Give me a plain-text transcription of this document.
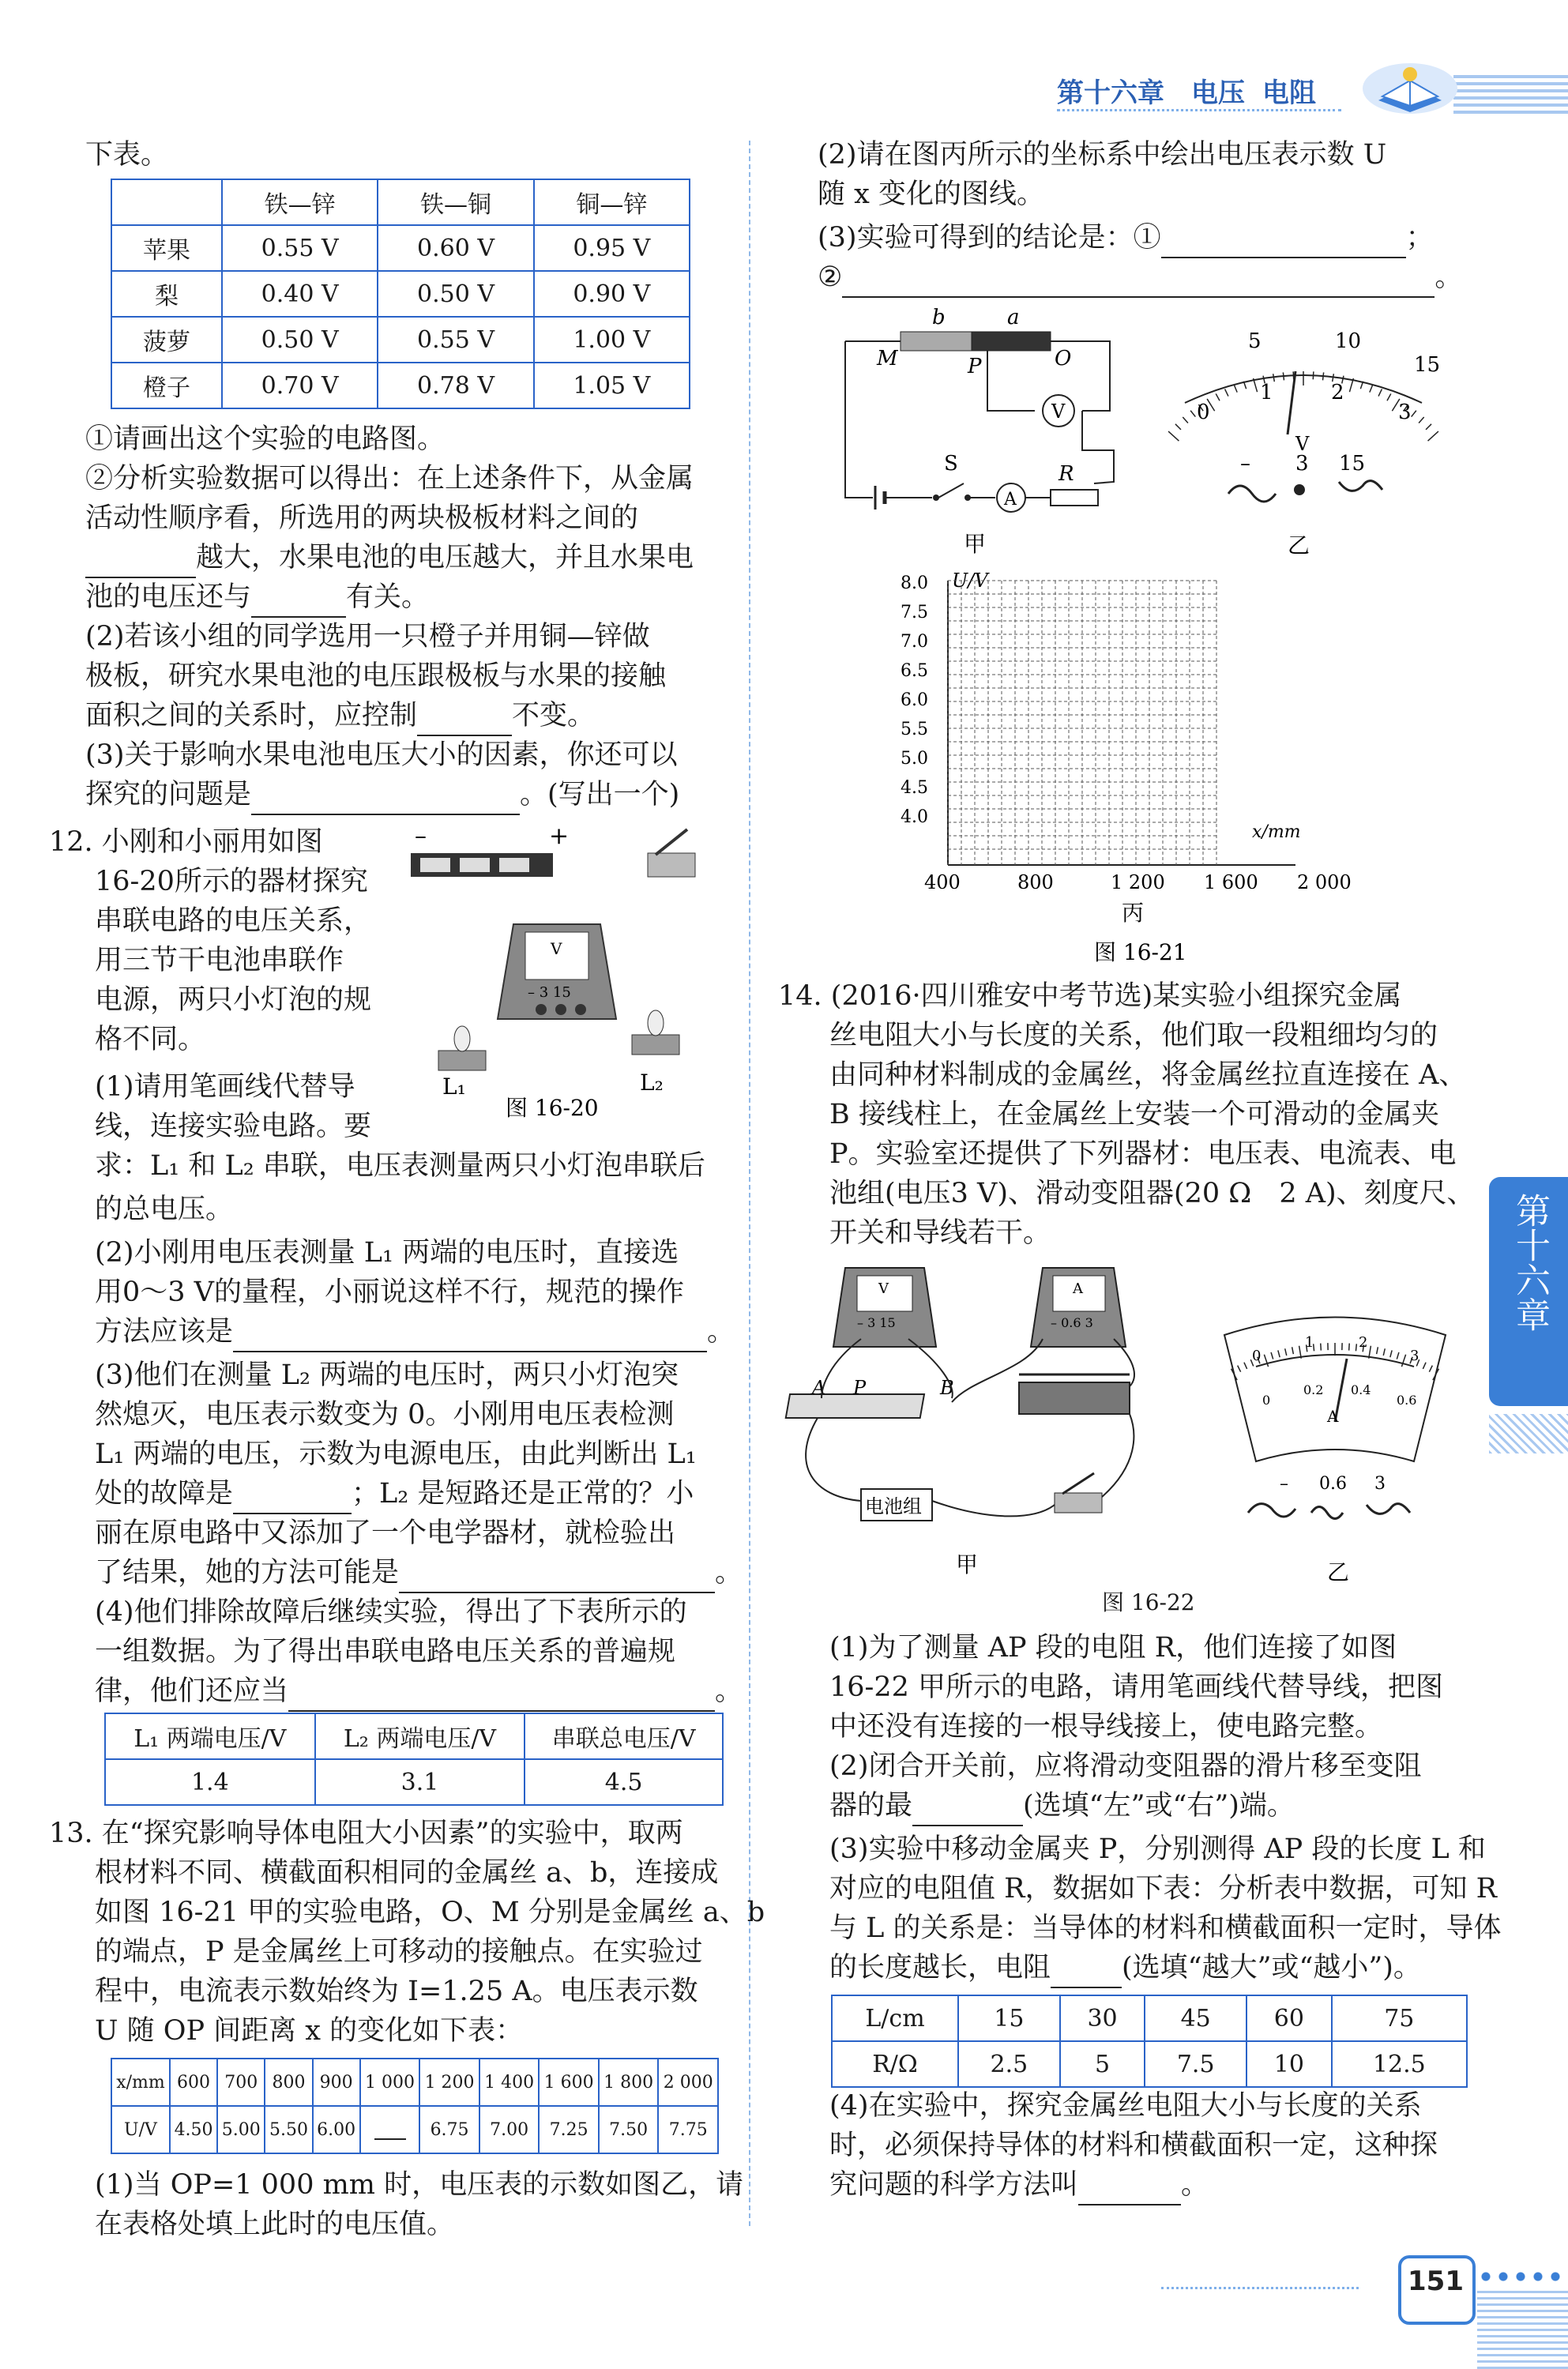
第十六章 电压 电阻
第十六章
下表。
	铁—锌	铁—铜	铜—锌
苹果	0.55 V	0.60 V	0.95 V
梨	0.40 V	0.50 V	0.90 V
菠萝	0.50 V	0.55 V	1.00 V
橙子	0.70 V	0.78 V	1.05 V
①请画出这个实验的电路图。
②分析实验数据可以得出：在上述条件下，从金属
活动性顺序看，所选用的两块极板材料之间的
越大，水果电池的电压越大，并且水果电
池的电压还与	有关。
(2)若该小组的同学选用一只橙子并用铜—锌做
极板，研究水果电池的电压跟极板与水果的接触
面积之间的关系时，应控制	不变。
(3)关于影响水果电池电压大小的因素，你还可以
探究的问题是	。(写出一个)
12. 小刚和小丽用如图
16-20所示的器材探究
串联电路的电压关系，
用三节干电池串联作
电源，两只小灯泡的规
格不同。
(1)请用笔画线代替导
线，连接实验电路。要
求：L₁ 和 L₂ 串联，电压表测量两只小灯泡串联后
的总电压。
(2)小刚用电压表测量 L₁ 两端的电压时，直接选
用0～3 V的量程，小丽说这样不行，规范的操作
方法应该是	。
(3)他们在测量 L₂ 两端的电压时，两只小灯泡突
然熄灭，电压表示数变为 0。小刚用电压表检测
L₁ 两端的电压，示数为电源电压，由此判断出 L₁
处的故障是	；L₂ 是短路还是正常的？小
丽在原电路中又添加了一个电学器材，就检验出
了结果，她的方法可能是	。
(4)他们排除故障后继续实验，得出了下表所示的
一组数据。为了得出串联电路电压关系的普遍规
律，他们还应当	。
–	+
V
– 3 15
L₁	L₂
图 16-20
L₁ 两端电压/V	L₂ 两端电压/V	串联总电压/V
1.4	3.1	4.5
13. 在“探究影响导体电阻大小因素”的实验中，取两
根材料不同、横截面积相同的金属丝 a、b，连接成
如图 16-21 甲的实验电路，O、M 分别是金属丝 a、b
的端点，P 是金属丝上可移动的接触点。在实验过
程中，电流表示数始终为 I=1.25 A。电压表示数
U 随 OP 间距离 x 的变化如下表：
x/mm	600	700	800	900	1 000	1 200	1 400	1 600	1 800	2 000
U/V	4.50	5.00	5.50	6.00		6.75	7.00	7.25	7.50	7.75
(1)当 OP=1 000 mm 时，电压表的示数如图乙，请
在表格处填上此时的电压值。
(2)请在图丙所示的坐标系中绘出电压表示数 U
随 x 变化的图线。
(3)实验可得到的结论是：①	；
②	。
b	a
M	P	O
V
S
A
R
甲
5	10
15
0
1	2
3
V
– 3 15
乙
U/V
8.0
7.5
7.0
6.5
6.0
5.5
5.0
4.5
4.0
400	800	1 200 1 600 2 000
x/mm
丙
图 16-21
14. (2016·四川雅安中考节选)某实验小组探究金属
丝电阻大小与长度的关系，他们取一段粗细均匀的
由同种材料制成的金属丝，将金属丝拉直连接在 A、
B 接线柱上，在金属丝上安装一个可滑动的金属夹
P。实验室还提供了下列器材：电压表、电流表、电
池组(电压3 V)、滑动变阻器(20 Ω　2 A)、刻度尺、
开关和导线若干。
V
– 3 15
A
– 0.6 3
A P	B
电池组
甲
0
1	2
3
0
0.2 0.4
0.6
A
– 0.6 3
乙
图 16-22
(1)为了测量 AP 段的电阻 R，他们连接了如图
16-22 甲所示的电路，请用笔画线代替导线，把图
中还没有连接的一根导线接上，使电路完整。
(2)闭合开关前，应将滑动变阻器的滑片移至变阻
器的最	(选填“左”或“右”)端。
(3)实验中移动金属夹 P，分别测得 AP 段的长度 L 和
对应的电阻值 R，数据如下表：分析表中数据，可知 R
与 L 的关系是：当导体的材料和横截面积一定时，导体
的长度越长，电阻	(选填“越大”或“越小”)。
L/cm	15	30	45	60	75
R/Ω	2.5	5	7.5	10	12.5
(4)在实验中，探究金属丝电阻大小与长度的关系
时，必须保持导体的材料和横截面积一定，这种探
究问题的科学方法叫	。
151
